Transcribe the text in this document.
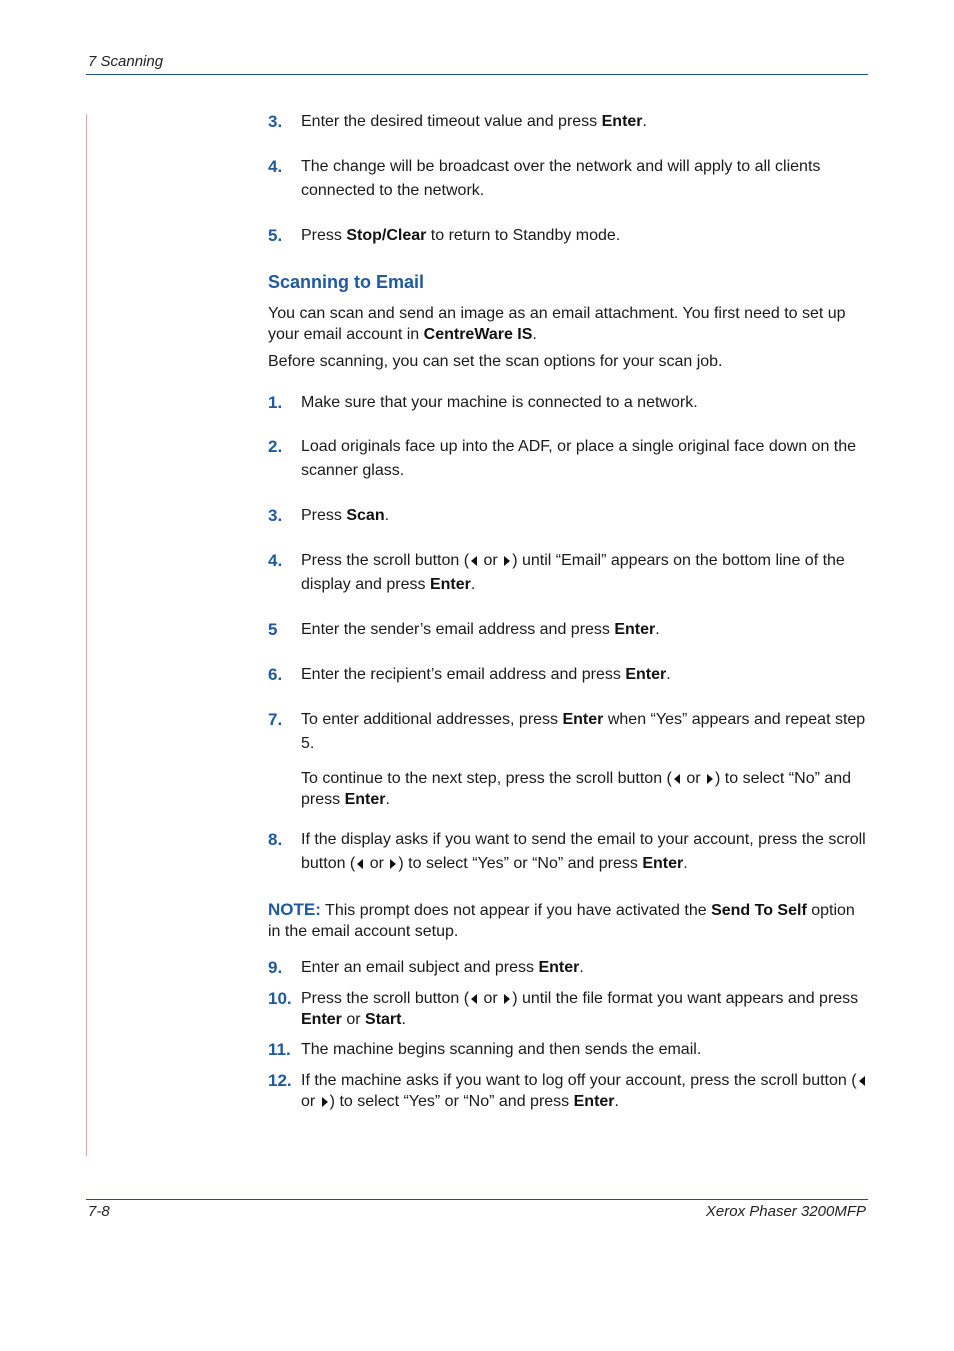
7 Scanning
3. Enter the desired timeout value and press Enter.
4. The change will be broadcast over the network and will apply to all clients connected to the network.
5. Press Stop/Clear to return to Standby mode.
Scanning to Email
You can scan and send an image as an email attachment. You first need to set up your email account in CentreWare IS.
Before scanning, you can set the scan options for your scan job.
1. Make sure that your machine is connected to a network.
2. Load originals face up into the ADF, or place a single original face down on the scanner glass.
3. Press Scan.
4. Press the scroll button ( or ) until “Email” appears on the bottom line of the display and press Enter.
5 Enter the sender’s email address and press Enter.
6. Enter the recipient’s email address and press Enter.
7. To enter additional addresses, press Enter when “Yes” appears and repeat step 5.
To continue to the next step, press the scroll button ( or ) to select “No” and press Enter.
8. If the display asks if you want to send the email to your account, press the scroll button ( or ) to select “Yes” or “No” and press Enter.
NOTE: This prompt does not appear if you have activated the Send To Self option in the email account setup.
9. Enter an email subject and press Enter.
10. Press the scroll button ( or ) until the file format you want appears and press Enter or Start.
11. The machine begins scanning and then sends the email.
12. If the machine asks if you want to log off your account, press the scroll button ( or ) to select “Yes” or “No” and press Enter.
7-8	Xerox Phaser 3200MFP
